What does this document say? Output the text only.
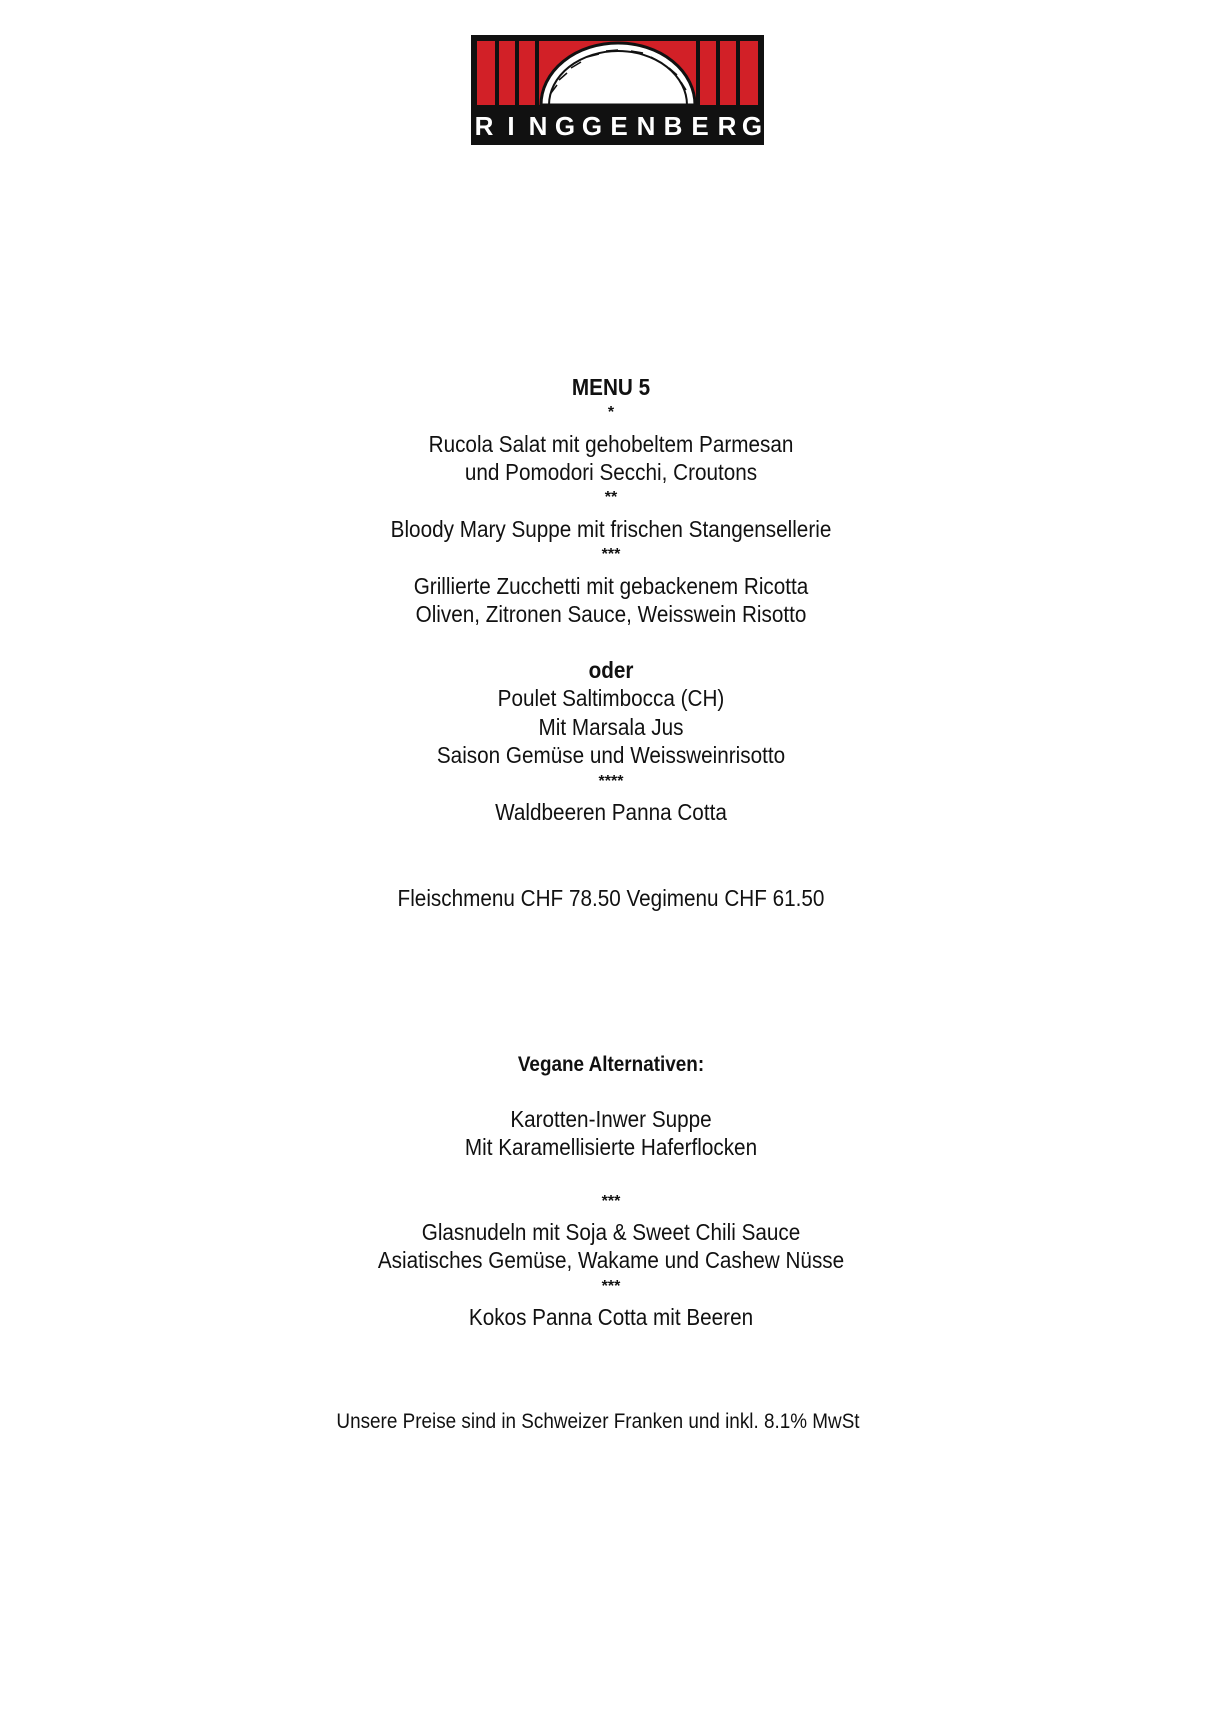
R I N G G E N B E R G
MENU 5
*
Rucola Salat mit gehobeltem Parmesan
und Pomodori Secchi, Croutons
**
Bloody Mary Suppe mit frischen Stangensellerie
***
Grillierte Zucchetti mit gebackenem Ricotta
Oliven, Zitronen Sauce, Weisswein Risotto
oder
Poulet Saltimbocca (CH)
Mit Marsala Jus
Saison Gemüse und Weissweinrisotto
****
Waldbeeren Panna Cotta
Fleischmenu CHF 78.50 Vegimenu CHF 61.50
Vegane Alternativen:
Karotten-Inwer Suppe
Mit Karamellisierte Haferflocken
***
Glasnudeln mit Soja & Sweet Chili Sauce
Asiatisches Gemüse, Wakame und Cashew Nüsse
***
Kokos Panna Cotta mit Beeren
Unsere Preise sind in Schweizer Franken und inkl. 8.1% MwSt
